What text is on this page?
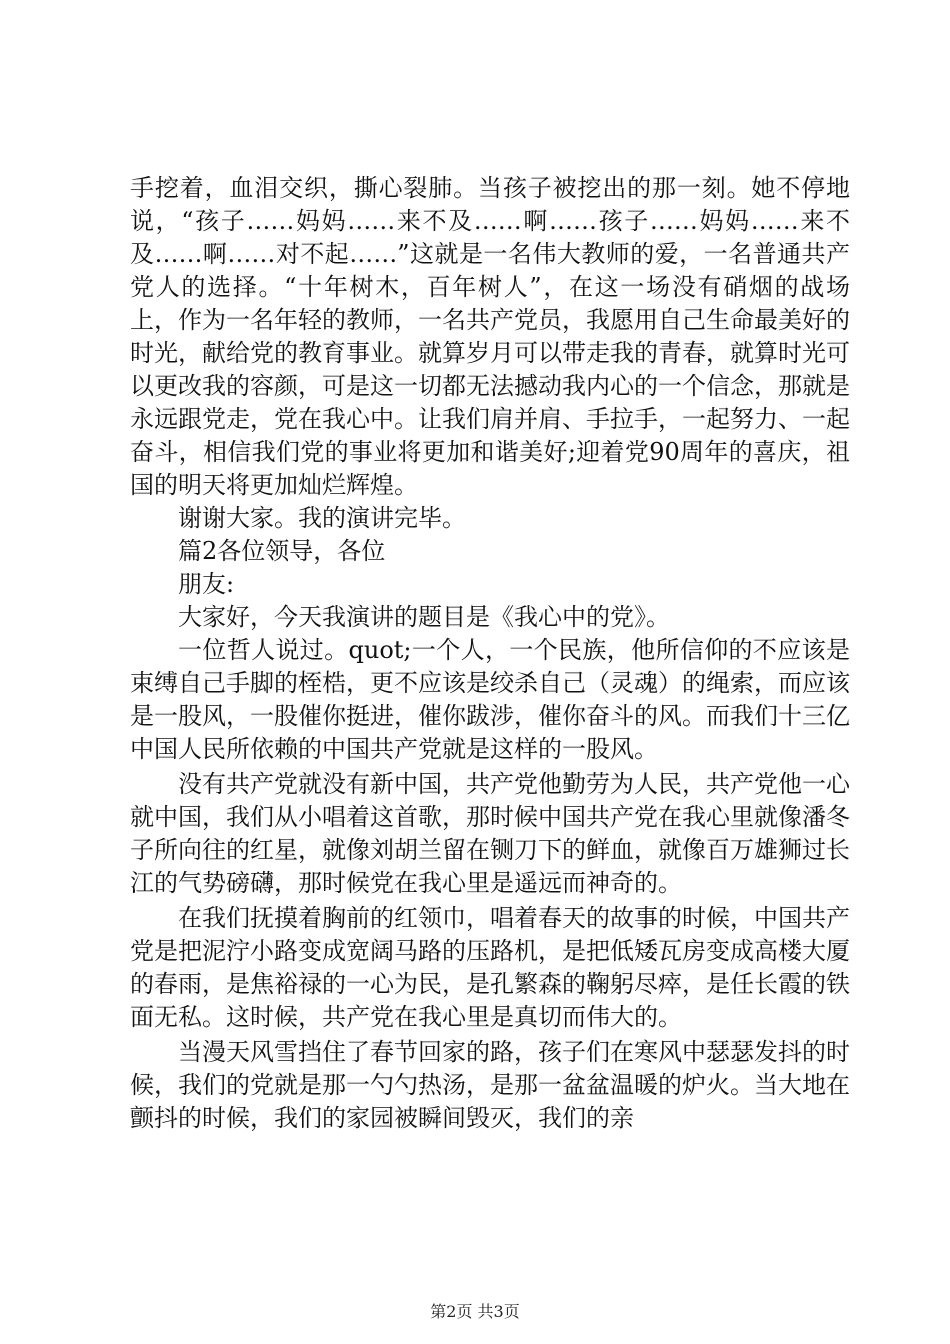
手挖着，血泪交织，撕心裂肺。当孩子被挖出的那一刻。她不停地说，“孩子……妈妈……来不及……啊……孩子……妈妈……来不及……啊……对不起……”这就是一名伟大教师的爱，一名普通共产党人的选择。“十年树木，百年树人”，在这一场没有硝烟的战场上，作为一名年轻的教师，一名共产党员，我愿用自己生命最美好的时光，献给党的教育事业。就算岁月可以带走我的青春，就算时光可以更改我的容颜，可是这一切都无法撼动我内心的一个信念，那就是永远跟党走，党在我心中。让我们肩并肩、手拉手，一起努力、一起奋斗，相信我们党的事业将更加和谐美好;迎着党90周年的喜庆，祖国的明天将更加灿烂辉煌。

谢谢大家。我的演讲完毕。

篇2各位领导，各位

朋友:

大家好，今天我演讲的题目是《我心中的党》。

一位哲人说过。quot;一个人，一个民族，他所信仰的不应该是束缚自己手脚的桎梏，更不应该是绞杀自己（灵魂）的绳索，而应该是一股风，一股催你挺进，催你跋涉，催你奋斗的风。而我们十三亿中国人民所依赖的中国共产党就是这样的一股风。

没有共产党就没有新中国，共产党他勤劳为人民，共产党他一心就中国，我们从小唱着这首歌，那时候中国共产党在我心里就像潘冬子所向往的红星，就像刘胡兰留在铡刀下的鲜血，就像百万雄狮过长江的气势磅礴，那时候党在我心里是遥远而神奇的。

在我们抚摸着胸前的红领巾，唱着春天的故事的时候，中国共产党是把泥泞小路变成宽阔马路的压路机，是把低矮瓦房变成高楼大厦的春雨，是焦裕禄的一心为民，是孔繁森的鞠躬尽瘁，是任长霞的铁面无私。这时候，共产党在我心里是真切而伟大的。

当漫天风雪挡住了春节回家的路，孩子们在寒风中瑟瑟发抖的时候，我们的党就是那一勺勺热汤，是那一盆盆温暖的炉火。当大地在颤抖的时候，我们的家园被瞬间毁灭，我们的亲

第2页 共3页
